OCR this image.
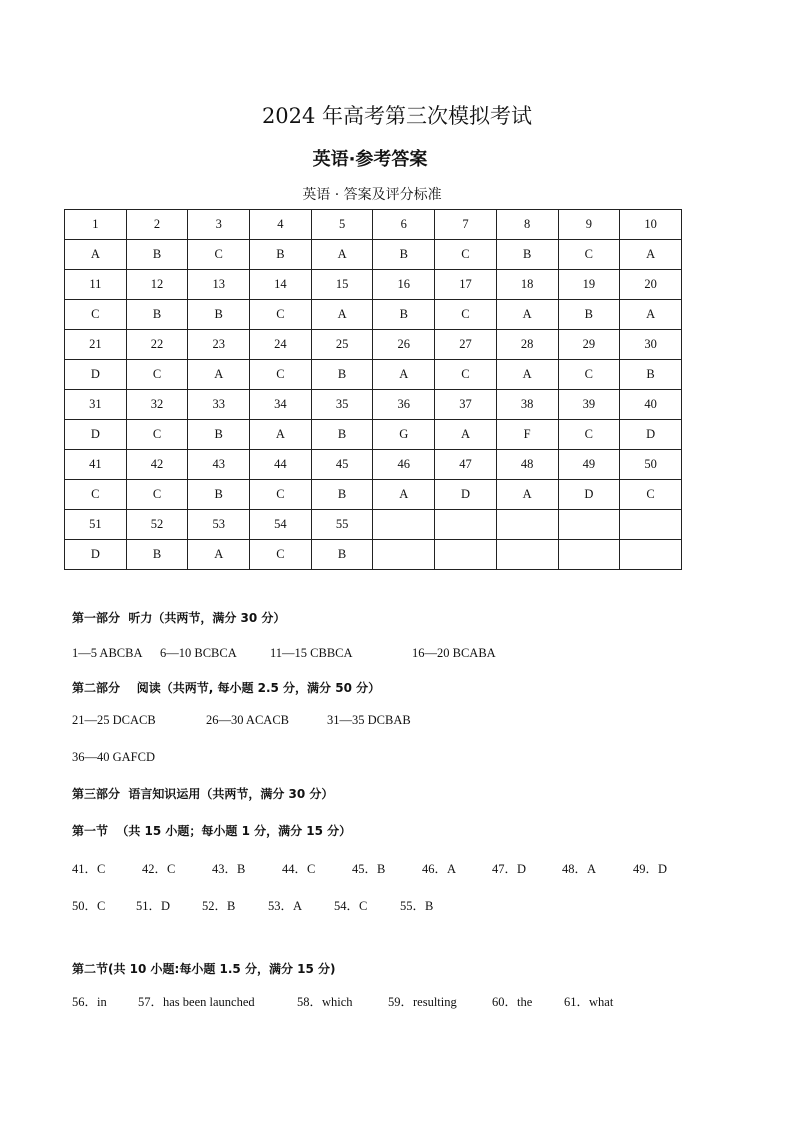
2024 年高考第三次模拟考试
英语·参考答案
英语 · 答案及评分标准
1	2	3	4	5	6	7	8	9	10
A	B	C	B	A	B	C	B	C	A
11	12	13	14	15	16	17	18	19	20
C	B	B	C	A	B	C	A	B	A
21	22	23	24	25	26	27	28	29	30
D	C	A	C	B	A	C	A	C	B
31	32	33	34	35	36	37	38	39	40
D	C	B	A	B	G	A	F	C	D
41	42	43	44	45	46	47	48	49	50
C	C	B	C	B	A	D	A	D	C
51	52	53	54	55					
D	B	A	C	B					
第一部分  听力（共两节，满分 30 分）
1—5 ABCBA 6—10 BCBCA	11—15 CBBCA	16—20 BCABA
第二部分    阅读（共两节, 每小题 2.5 分，满分 50 分）
21—25 DCACB	26—30 ACACB	31—35 DCBAB
36—40 GAFCD
第三部分  语言知识运用（共两节，满分 30 分）
第一节  （共 15 小题；每小题 1 分，满分 15 分）
41．C	42．C	43．B	44．C	45．B	46．A	47．D	48．A	49．D
50．C 51．D	52．B	53．A	54．C	55．B
第二节(共 10 小题:每小题 1.5 分，满分 15 分)
56．in	57．has been launched	58．which	59．resulting	60．the	61．what
